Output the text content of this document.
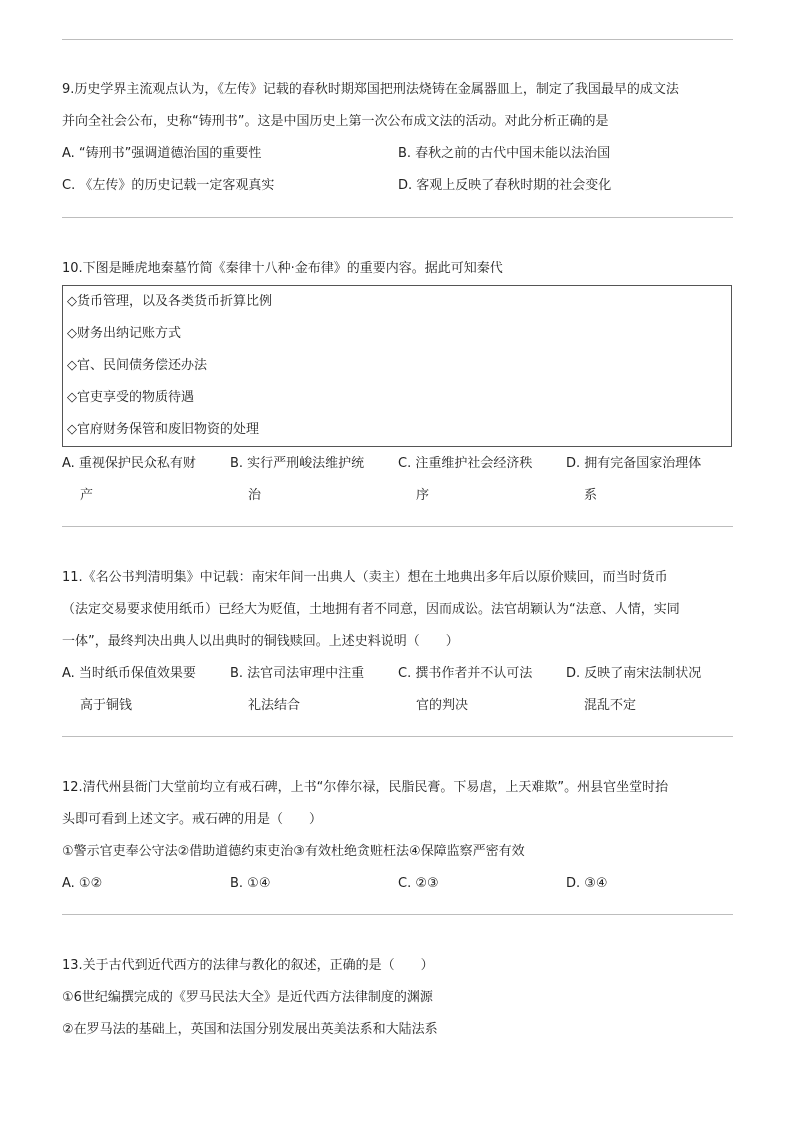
9.历史学界主流观点认为，《左传》记载的春秋时期郑国把刑法烧铸在金属器皿上，制定了我国最早的成文法
并向全社会公布，史称“铸刑书”。这是中国历史上第一次公布成文法的活动。对此分析正确的是
A. “铸刑书”强调道德治国的重要性	B. 春秋之前的古代中国未能以法治国
C. 《左传》的历史记载一定客观真实	D. 客观上反映了春秋时期的社会变化
10.下图是睡虎地秦墓竹简《秦律十八种·金布律》的重要内容。据此可知秦代
◇货币管理，以及各类货币折算比例
◇财务出纳记账方式
◇官、民间债务偿还办法
◇官吏享受的物质待遇
◇官府财务保管和废旧物资的处理
A. 重视保护民众私有财
产
B. 实行严刑峻法维护统
治
C. 注重维护社会经济秩
序
D. 拥有完备国家治理体
系
11.《名公书判清明集》中记载：南宋年间一出典人（卖主）想在土地典出多年后以原价赎回，而当时货币
（法定交易要求使用纸币）已经大为贬值，土地拥有者不同意，因而成讼。法官胡颖认为“法意、人情，实同
一体”，最终判决出典人以出典时的铜钱赎回。上述史料说明（　　）
A. 当时纸币保值效果要
高于铜钱
B. 法官司法审理中注重
礼法结合
C. 撰书作者并不认可法
官的判决
D. 反映了南宋法制状况
混乱不定
12.清代州县衙门大堂前均立有戒石碑，上书“尔俸尔禄，民脂民膏。下易虐，上天难欺”。州县官坐堂时抬
头即可看到上述文字。戒石碑的用是（　　）
①警示官吏奉公守法②借助道德约束吏治③有效杜绝贪赃枉法④保障监察严密有效
A. ①②	B. ①④	C. ②③	D. ③④
13.关于古代到近代西方的法律与教化的叙述，正确的是（　　）
①6世纪编撰完成的《罗马民法大全》是近代西方法律制度的渊源
②在罗马法的基础上，英国和法国分别发展出英美法系和大陆法系
